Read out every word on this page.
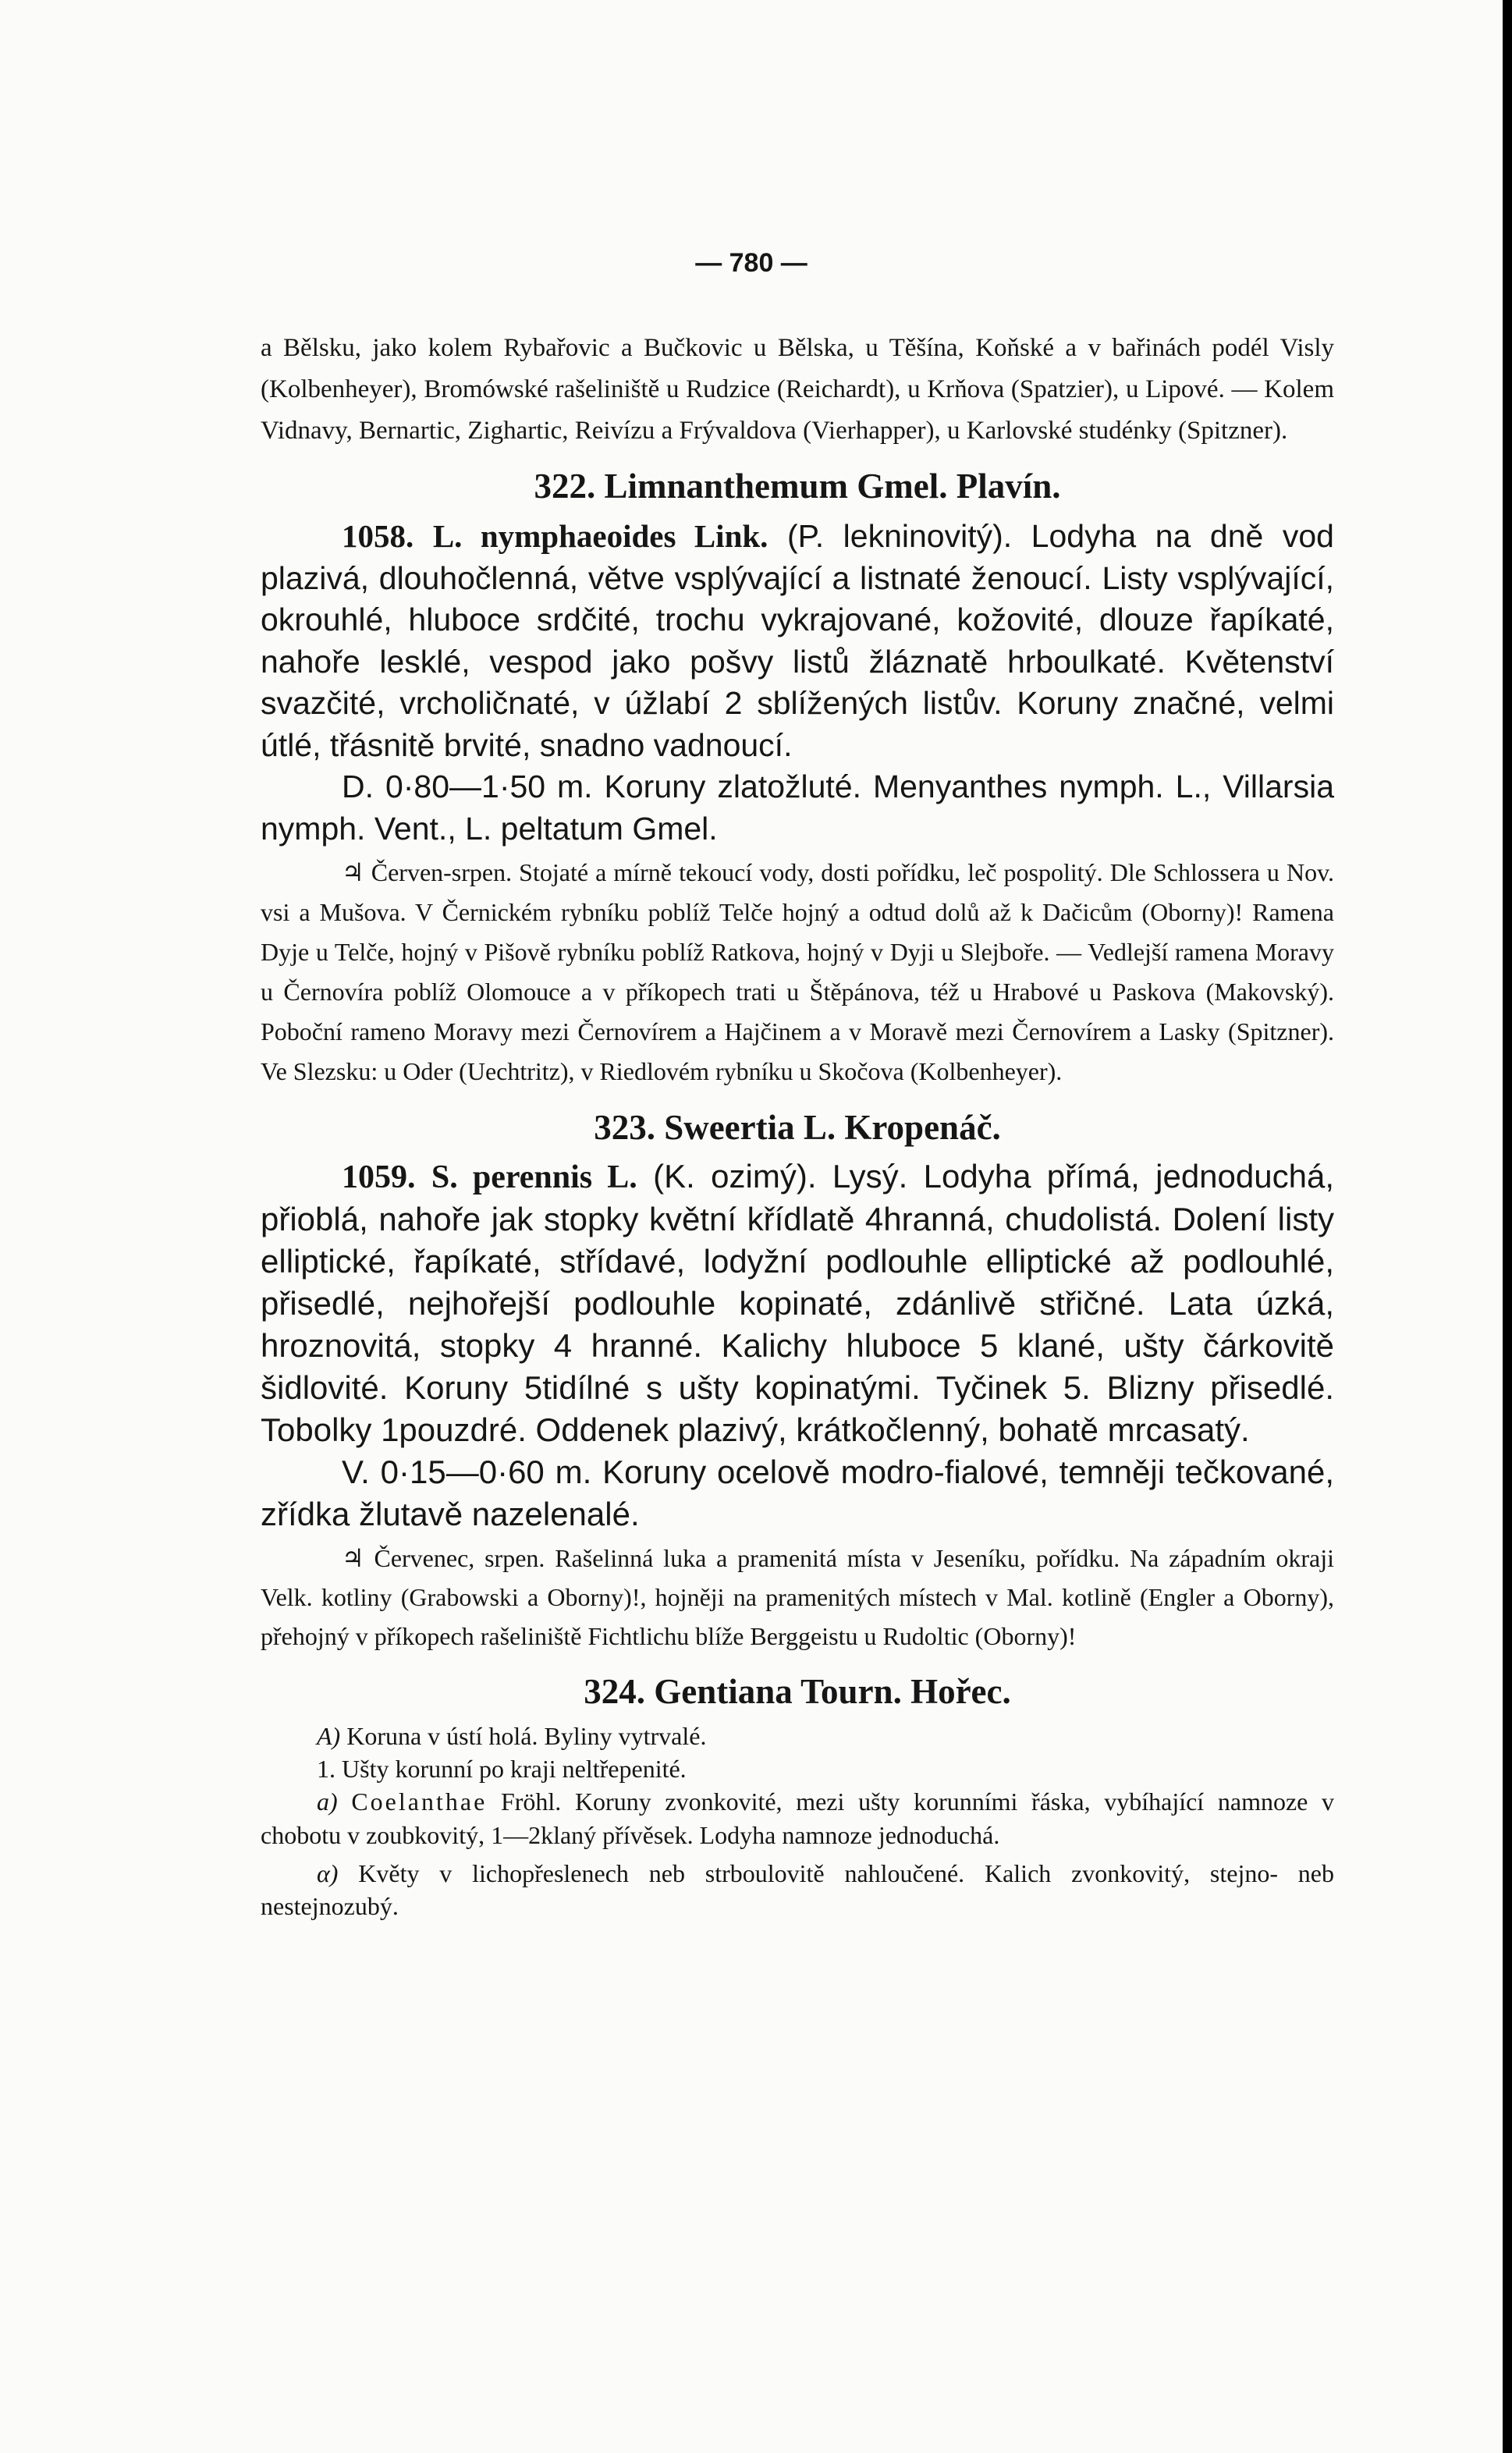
— 780 —

a Bělsku, jako kolem Rybařovic a Bučkovic u Bělska, u Těšína, Koňské a v bařinách podél Visly (Kolbenheyer), Bromówské rašeliniště u Rudzice (Reichardt), u Krňova (Spatzier), u Lipové. — Kolem Vidnavy, Bernartic, Zighartic, Reivízu a Frývaldova (Vierhapper), u Karlovské studénky (Spitzner).

322. Limnanthemum Gmel. Plavín.

1058. L. nymphaeoides Link. (P. lekninovitý). Lodyha na dně vod plazivá, dlouhočlenná, větve vsplývající a listnaté ženoucí. Listy vsplývající, okrouhlé, hluboce srdčité, trochu vykrajované, kožovité, dlouze řapíkaté, nahoře lesklé, vespod jako pošvy listů žláznatě hrboulkaté. Květenství svazčité, vrcholičnaté, v úžlabí 2 sblížených listův. Koruny značné, velmi útlé, třásnitě brvité, snadno vadnoucí.

D. 0·80—1·50 m. Koruny zlatožluté. Menyanthes nymph. L., Villarsia nymph. Vent., L. peltatum Gmel.

♃ Červen-srpen. Stojaté a mírně tekoucí vody, dosti pořídku, leč pospolitý. Dle Schlossera u Nov. vsi a Mušova. V Černickém rybníku poblíž Telče hojný a odtud dolů až k Dačicům (Oborny)! Ramena Dyje u Telče, hojný v Pišově rybníku poblíž Ratkova, hojný v Dyji u Slejboře. — Vedlejší ramena Moravy u Černovíra poblíž Olomouce a v příkopech trati u Štěpánova, též u Hrabové u Paskova (Makovský). Poboční rameno Moravy mezi Černovírem a Hajčinem a v Moravě mezi Černovírem a Lasky (Spitzner). Ve Slezsku: u Oder (Uechtritz), v Riedlovém rybníku u Skočova (Kolbenheyer).

323. Sweertia L. Kropenáč.

1059. S. perennis L. (K. ozimý). Lysý. Lodyha přímá, jednoduchá, přioblá, nahoře jak stopky květní křídlatě 4hranná, chudolistá. Dolení listy elliptické, řapíkaté, střídavé, lodyžní podlouhle elliptické až podlouhlé, přisedlé, nejhořejší podlouhle kopinaté, zdánlivě střičné. Lata úzká, hroznovitá, stopky 4 hranné. Kalichy hluboce 5 klané, ušty čárkovitě šidlovité. Koruny 5tidílné s ušty kopinatými. Tyčinek 5. Blizny přisedlé. Tobolky 1pouzdré. Oddenek plazivý, krátkočlenný, bohatě mrcasatý.

V. 0·15—0·60 m. Koruny ocelově modro-fialové, temněji tečkované, zřídka žlutavě nazelenalé.

♃ Červenec, srpen. Rašelinná luka a pramenitá místa v Jeseníku, pořídku. Na západním okraji Velk. kotliny (Grabowski a Oborny)!, hojněji na pramenitých místech v Mal. kotlině (Engler a Oborny), přehojný v příkopech rašeliniště Fichtlichu blíže Berggeistu u Rudoltic (Oborny)!

324. Gentiana Tourn. Hořec.

A) Koruna v ústí holá. Byliny vytrvalé.

1. Ušty korunní po kraji neltřepenité.

a) Coelanthae Fröhl. Koruny zvonkovité, mezi ušty korunními řáska, vybíhající namnoze v chobotu v zoubkovitý, 1—2klaný přívěsek. Lodyha namnoze jednoduchá.

α) Květy v lichopřeslenech neb strboulovitě nahloučené. Kalich zvonkovitý, stejno- neb nestejnozubý.
